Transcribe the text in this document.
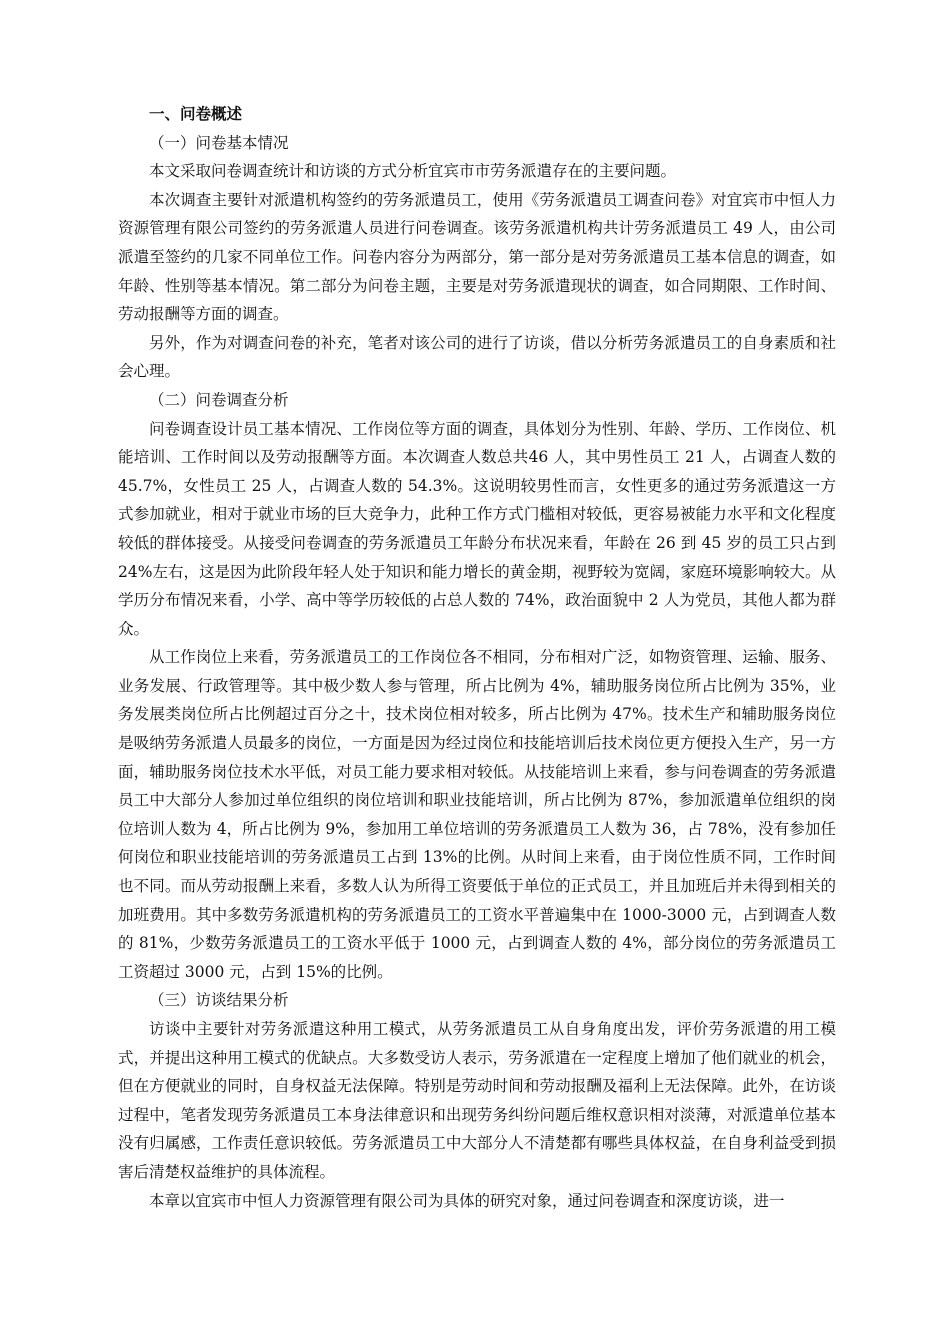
一、问卷概述

（一）问卷基本情况

本文采取问卷调查统计和访谈的方式分析宜宾市市劳务派遣存在的主要问题。

本次调查主要针对派遣机构签约的劳务派遣员工，使用《劳务派遣员工调查问卷》对宜宾市中恒人力资源管理有限公司签约的劳务派遣人员进行问卷调查。该劳务派遣机构共计劳务派遣员工 49 人，由公司派遣至签约的几家不同单位工作。问卷内容分为两部分，第一部分是对劳务派遣员工基本信息的调查，如年龄、性别等基本情况。第二部分为问卷主题，主要是对劳务派遣现状的调查，如合同期限、工作时间、劳动报酬等方面的调查。

另外，作为对调查问卷的补充，笔者对该公司的进行了访谈，借以分析劳务派遣员工的自身素质和社会心理。

（二）问卷调查分析

问卷调查设计员工基本情况、工作岗位等方面的调查，具体划分为性别、年龄、学历、工作岗位、机能培训、工作时间以及劳动报酬等方面。本次调查人数总共46 人，其中男性员工 21 人，占调查人数的 45.7%，女性员工 25 人，占调查人数的 54.3%。这说明较男性而言，女性更多的通过劳务派遣这一方式参加就业，相对于就业市场的巨大竞争力，此种工作方式门槛相对较低，更容易被能力水平和文化程度较低的群体接受。从接受问卷调查的劳务派遣员工年龄分布状况来看，年龄在 26 到 45 岁的员工只占到 24%左右，这是因为此阶段年轻人处于知识和能力增长的黄金期，视野较为宽阔，家庭环境影响较大。从学历分布情况来看，小学、高中等学历较低的占总人数的 74%，政治面貌中 2 人为党员，其他人都为群众。

从工作岗位上来看，劳务派遣员工的工作岗位各不相同，分布相对广泛，如物资管理、运输、服务、业务发展、行政管理等。其中极少数人参与管理，所占比例为 4%，辅助服务岗位所占比例为 35%，业务发展类岗位所占比例超过百分之十，技术岗位相对较多，所占比例为 47%。技术生产和辅助服务岗位是吸纳劳务派遣人员最多的岗位，一方面是因为经过岗位和技能培训后技术岗位更方便投入生产，另一方面，辅助服务岗位技术水平低，对员工能力要求相对较低。从技能培训上来看，参与问卷调查的劳务派遣员工中大部分人参加过单位组织的岗位培训和职业技能培训，所占比例为 87%，参加派遣单位组织的岗位培训人数为 4，所占比例为 9%，参加用工单位培训的劳务派遣员工人数为 36，占 78%，没有参加任何岗位和职业技能培训的劳务派遣员工占到 13%的比例。从时间上来看，由于岗位性质不同，工作时间也不同。而从劳动报酬上来看，多数人认为所得工资要低于单位的正式员工，并且加班后并未得到相关的加班费用。其中多数劳务派遣机构的劳务派遣员工的工资水平普遍集中在 1000-3000 元，占到调查人数的 81%，少数劳务派遣员工的工资水平低于 1000 元，占到调查人数的 4%，部分岗位的劳务派遣员工工资超过 3000 元，占到 15%的比例。

（三）访谈结果分析

访谈中主要针对劳务派遣这种用工模式，从劳务派遣员工从自身角度出发，评价劳务派遣的用工模式，并提出这种用工模式的优缺点。大多数受访人表示，劳务派遣在一定程度上增加了他们就业的机会，但在方便就业的同时，自身权益无法保障。特别是劳动时间和劳动报酬及福利上无法保障。此外，在访谈过程中，笔者发现劳务派遣员工本身法律意识和出现劳务纠纷问题后维权意识相对淡薄，对派遣单位基本没有归属感，工作责任意识较低。劳务派遣员工中大部分人不清楚都有哪些具体权益，在自身利益受到损害后清楚权益维护的具体流程。

本章以宜宾市中恒人力资源管理有限公司为具体的研究对象，通过问卷调查和深度访谈，进一
